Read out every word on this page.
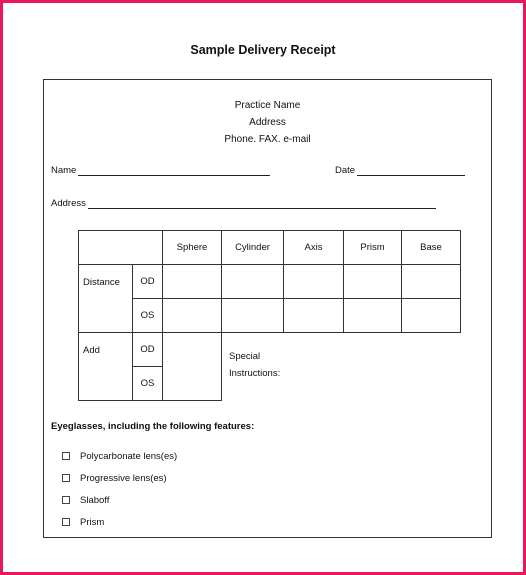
Sample Delivery Receipt
Practice Name
Address
Phone. FAX. e-mail
Name	Date
Address
		Sphere	Cylinder	Axis	Prism	Base
Distance	OD					
	OS					
Add	OD					
	OS					
Special
Instructions:
Eyeglasses, including the following features:
Polycarbonate lens(es)
Progressive lens(es)
Slaboff
Prism
